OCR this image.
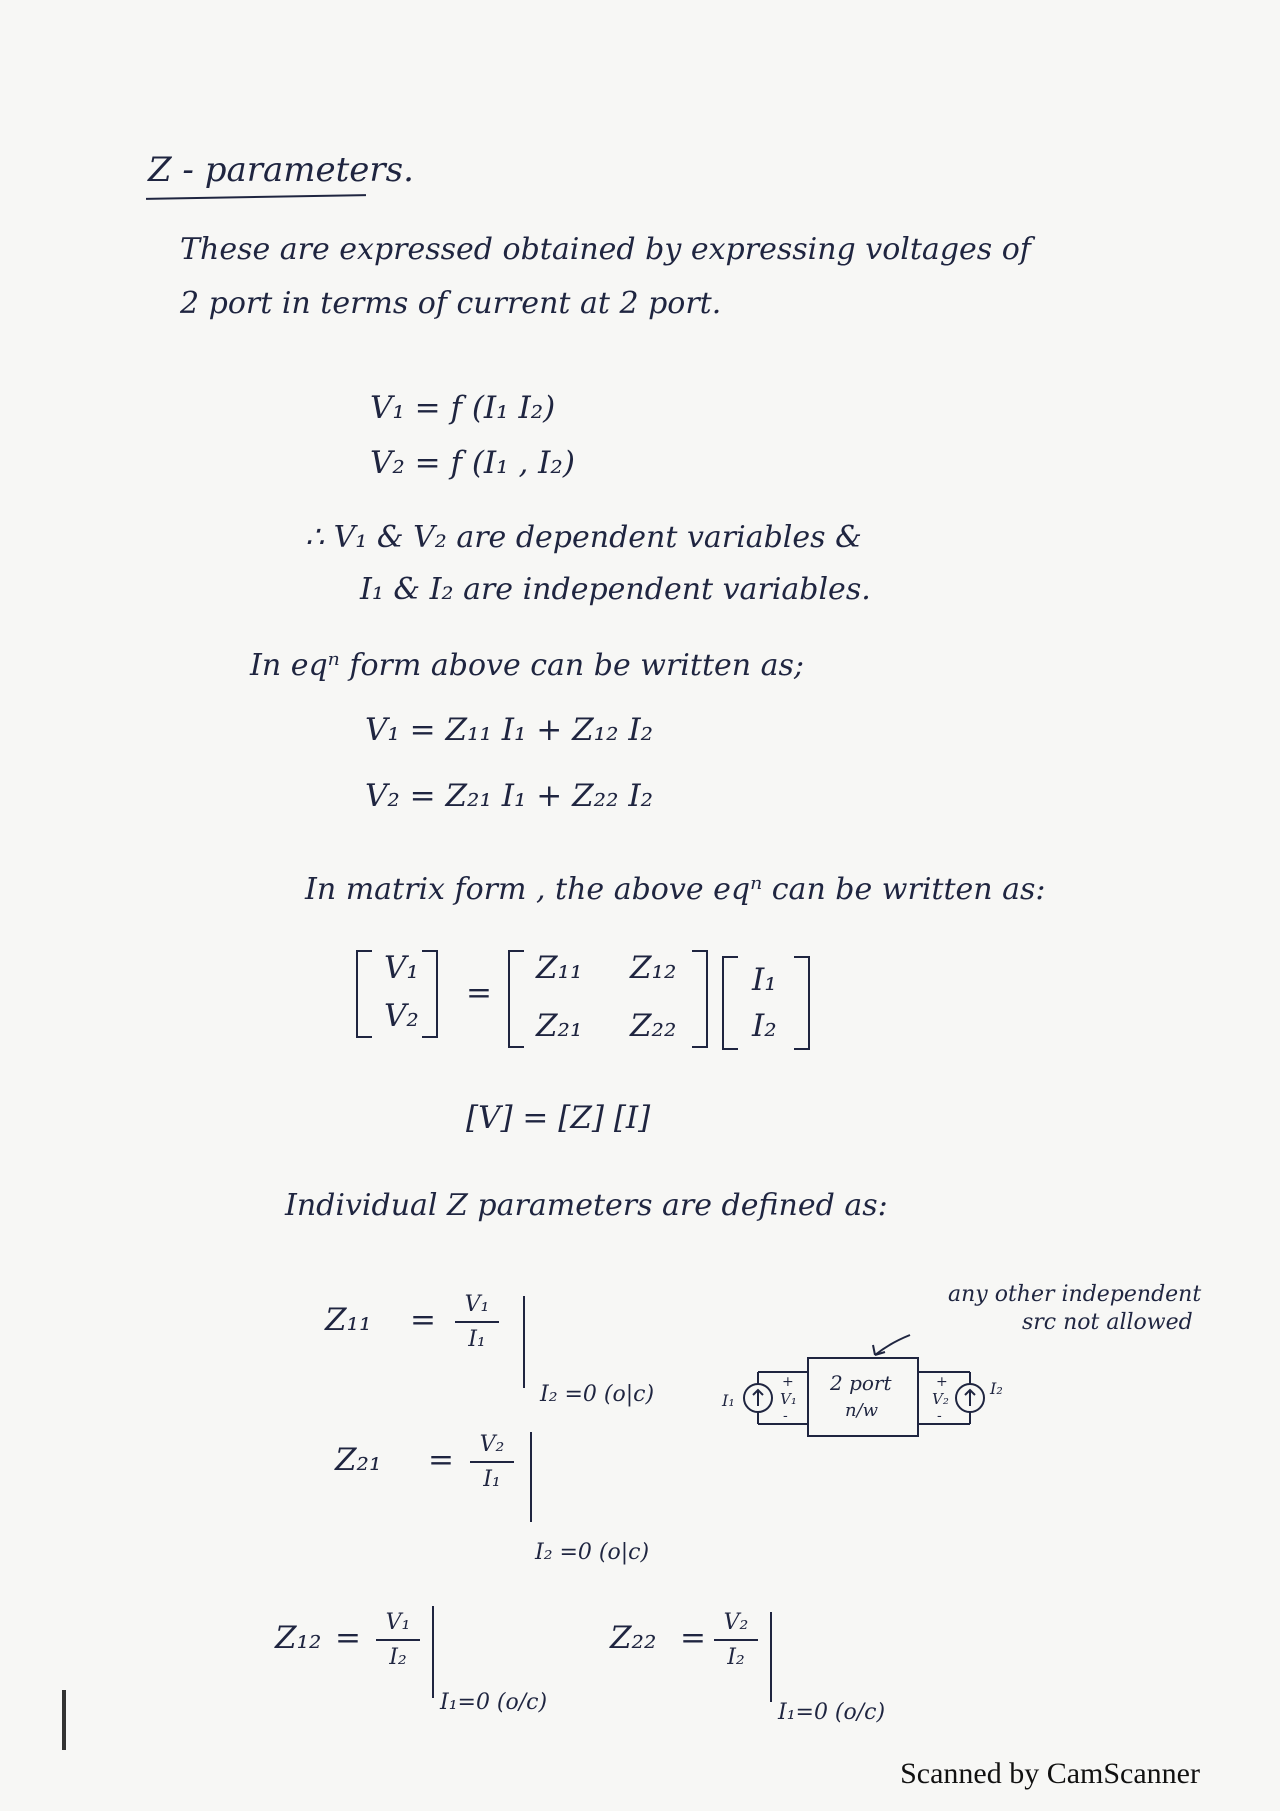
Z - parameters.
These are expressed obtained by expressing voltages of
2 port in terms of current at 2 port.
V₁ = f (I₁ I₂)
V₂ = f (I₁ , I₂)
∴ V₁ & V₂ are dependent variables &
I₁ & I₂ are independent variables.
In eqⁿ form above can be written as;
V₁ = Z₁₁ I₁ + Z₁₂ I₂
V₂ = Z₂₁ I₁ + Z₂₂ I₂
In matrix form , the above eqⁿ can be written as:
V₁
V₂
=
Z₁₁ Z₁₂
Z₂₁ Z₂₂
I₁
I₂
[V] = [Z] [I]
Individual Z parameters are defined as:
Z₁₁ =	V₁
I₁
I₂ =0 (o|c)
Z₂₁ =	V₂
I₁
I₂ =0 (o|c)
Z₁₂ =	V₁
I₂
I₁=0 (o/c)
Z₂₂ = V₂
I₂
I₁=0 (o/c)
any other independent
src not allowed
2 port
n/w
I₁	V₁
+
-
V₂
+
-
I₂
Scanned by CamScanner
